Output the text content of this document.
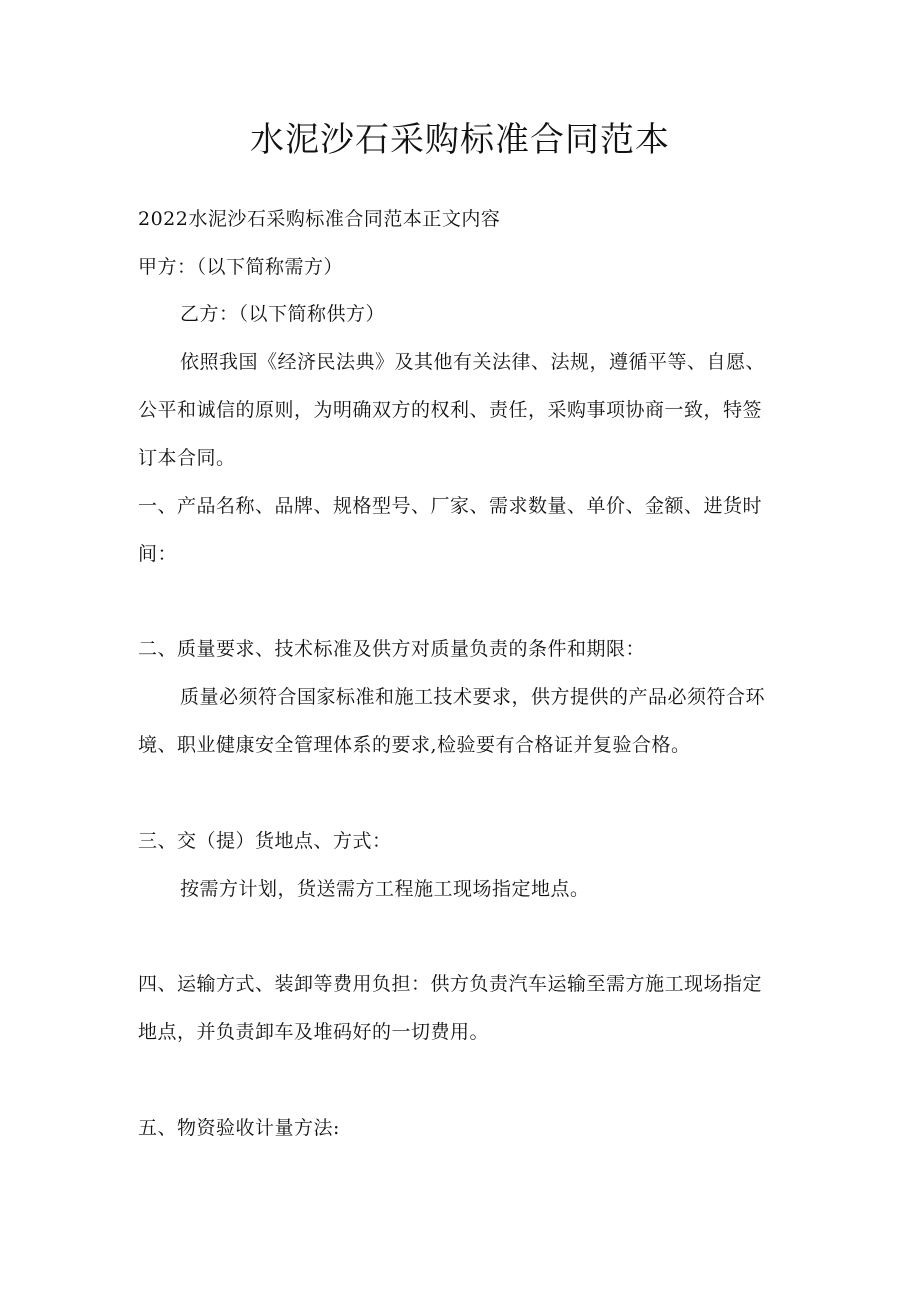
水泥沙石采购标准合同范本
2022水泥沙石采购标准合同范本正文内容
甲方：（以下简称需方）
乙方：（以下简称供方）
依照我国《经济民法典》及其他有关法律、法规，遵循平等、自愿、
公平和诚信的原则，为明确双方的权利、责任，采购事项协商一致，特签
订本合同。
一、产品名称、品牌、规格型号、厂家、需求数量、单价、金额、进货时
间：
二、质量要求、技术标准及供方对质量负责的条件和期限：
质量必须符合国家标准和施工技术要求，供方提供的产品必须符合环
境、职业健康安全管理体系的要求,检验要有合格证并复验合格。
三、交（提）货地点、方式：
按需方计划，货送需方工程施工现场指定地点。
四、运输方式、装卸等费用负担：供方负责汽车运输至需方施工现场指定
地点，并负责卸车及堆码好的一切费用。
五、物资验收计量方法:
